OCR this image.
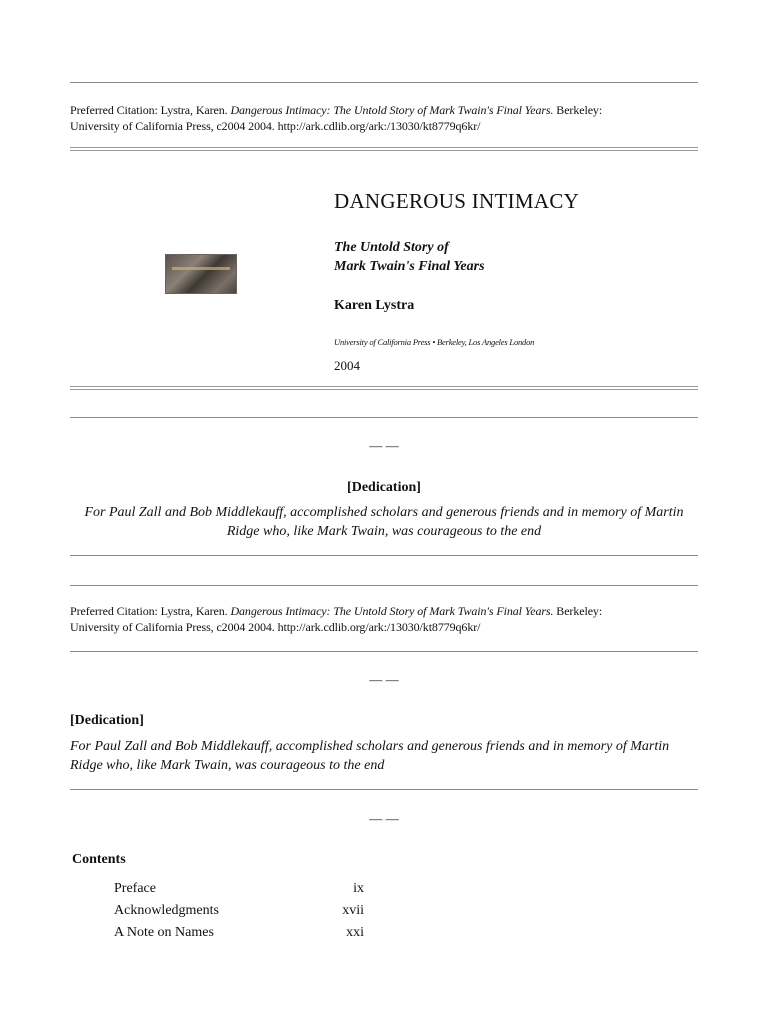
Preferred Citation: Lystra, Karen. Dangerous Intimacy: The Untold Story of Mark Twain's Final Years. Berkeley:
University of California Press, c2004 2004. http://ark.cdlib.org/ark:/13030/kt8779q6kr/
DANGEROUS INTIMACY
The Untold Story of
Mark Twain's Final Years
Karen Lystra
University of California Press • Berkeley, Los Angeles London
2004
— —
[Dedication]
For Paul Zall and Bob Middlekauff, accomplished scholars and generous friends and in memory of Martin Ridge who, like Mark Twain, was courageous to the end
Preferred Citation: Lystra, Karen. Dangerous Intimacy: The Untold Story of Mark Twain's Final Years. Berkeley:
University of California Press, c2004 2004. http://ark.cdlib.org/ark:/13030/kt8779q6kr/
— —
[Dedication]
For Paul Zall and Bob Middlekauff, accomplished scholars and generous friends and in memory of Martin Ridge who, like Mark Twain, was courageous to the end
— —
Contents
Preface	ix
Acknowledgments	xvii
A Note on Names	xxi
